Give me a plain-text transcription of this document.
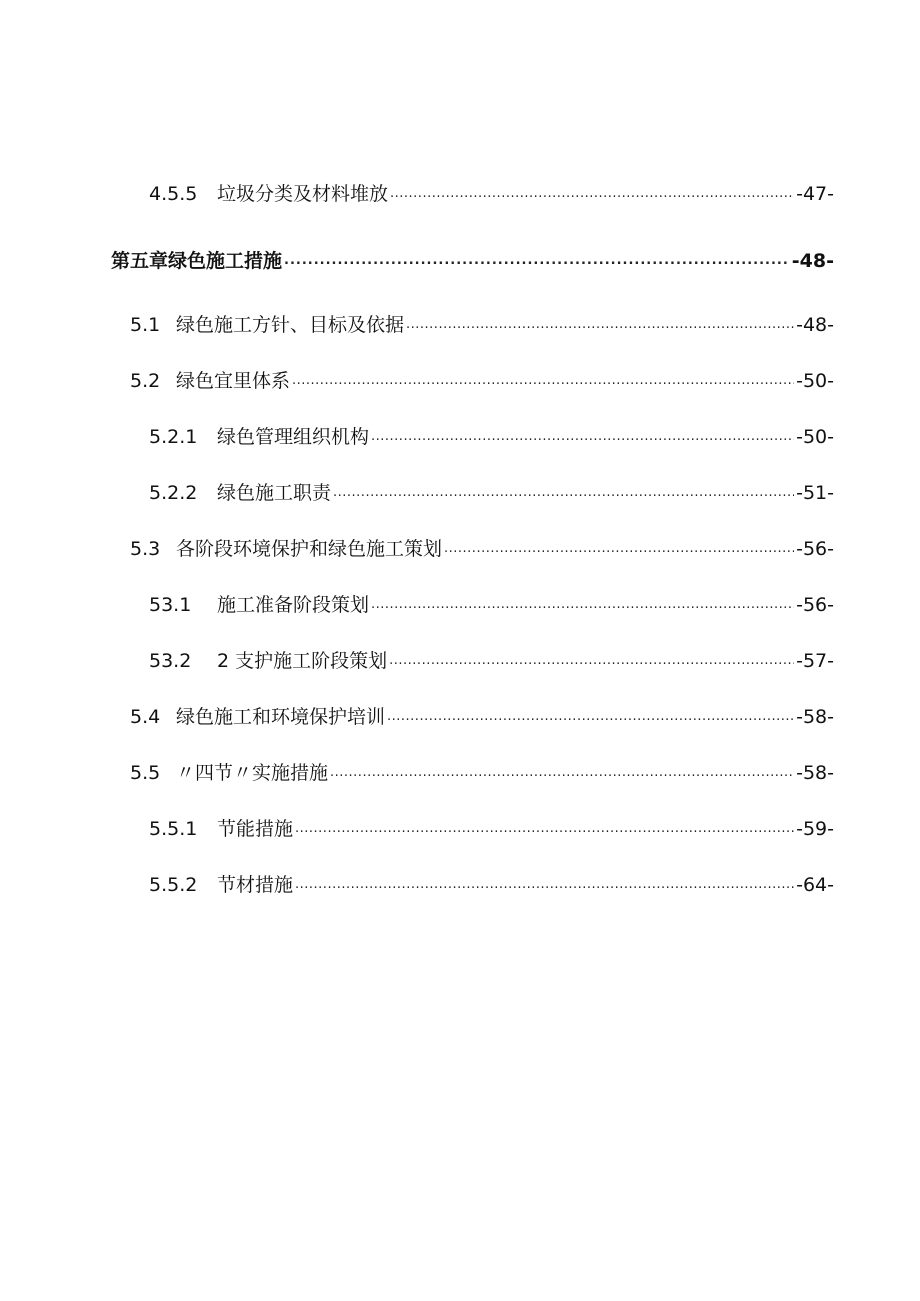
4.5.5	垃圾分类及材料堆放 .....	-47-
第五章绿色施工措施 .....	-48-
5.1 绿色施工方针、目标及依据 .....	-48-
5.2 绿色宜里体系 .....	-50-
5.2.1	绿色管理组织机构 .....	-50-
5.2.2	绿色施工职责 .....	-51-
5.3 各阶段环境保护和绿色施工策划 .....	-56-
53.1	施工准备阶段策划 .....	-56-
53.2	2 支护施工阶段策划 .....	-57-
5.4 绿色施工和环境保护培训 .....	-58-
5.5 〃四节〃实施措施 .....	-58-
5.5.1	节能措施 .....	-59-
5.5.2	节材措施 .....	-64-
